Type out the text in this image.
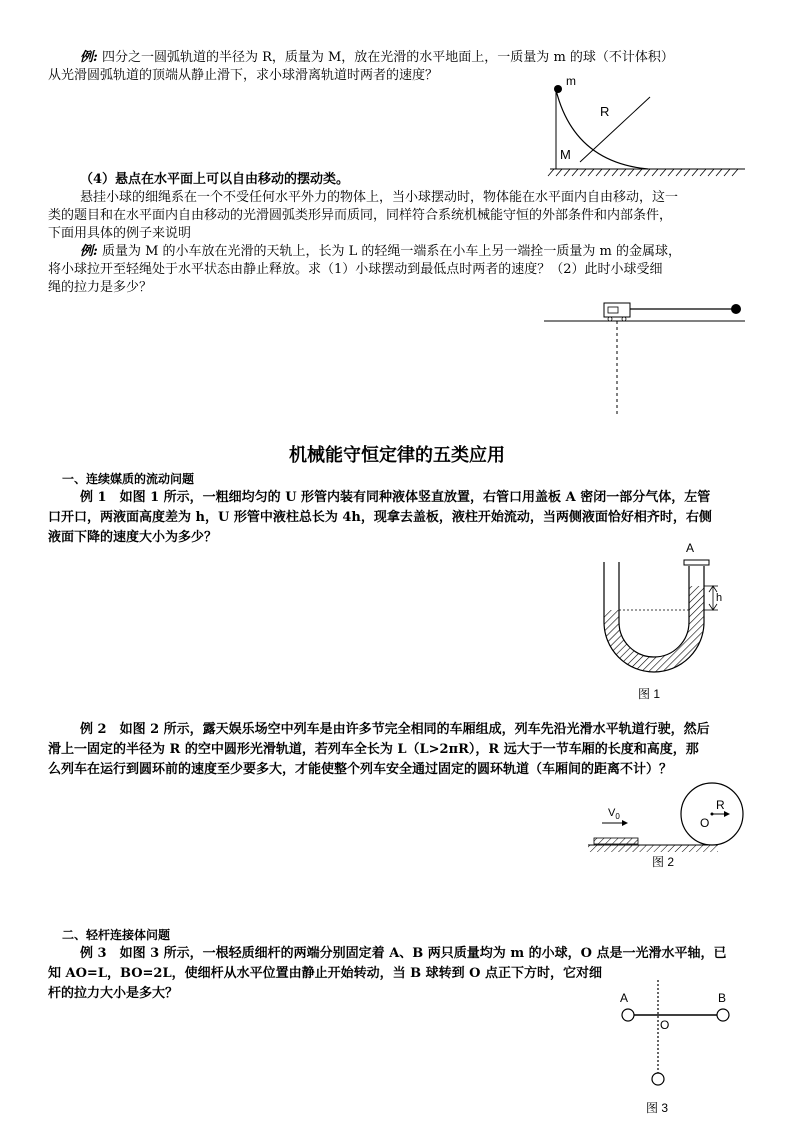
例: 四分之一圆弧轨道的半径为 R，质量为 M，放在光滑的水平地面上，一质量为 m 的球（不计体积）
从光滑圆弧轨道的顶端从静止滑下，求小球滑离轨道时两者的速度？	m
R
M
（4）悬点在水平面上可以自由移动的摆动类。
悬挂小球的细绳系在一个不受任何水平外力的物体上，当小球摆动时，物体能在水平面内自由移动，这一
类的题目和在水平面内自由移动的光滑圆弧类形异而质同，同样符合系统机械能守恒的外部条件和内部条件，
下面用具体的例子来说明
例: 质量为 M 的小车放在光滑的天轨上，长为 L 的轻绳一端系在小车上另一端拴一质量为 m 的金属球，
将小球拉开至轻绳处于水平状态由静止释放。求（1）小球摆动到最低点时两者的速度？（2）此时小球受细
绳的拉力是多少？
机械能守恒定律的五类应用
一、连续媒质的流动问题
例 1　如图 1 所示，一粗细均匀的 U 形管内装有同种液体竖直放置，右管口用盖板 A 密闭一部分气体，左管
口开口，两液面高度差为 h，U 形管中液柱总长为 4h，现拿去盖板，液柱开始流动，当两侧液面恰好相齐时，右侧
液面下降的速度大小为多少？
A
h
图 1
例 2　如图 2 所示，露天娱乐场空中列车是由许多节完全相同的车厢组成，列车先沿光滑水平轨道行驶，然后
滑上一固定的半径为 R 的空中圆形光滑轨道，若列车全长为 L（L>2πR），R 远大于一节车厢的长度和高度，那
么列车在运行到圆环前的速度至少要多大，才能使整个列车安全通过固定的圆环轨道（车厢间的距离不计）？
O
R
$V_0$
图 2
二、轻杆连接体问题
例 3　如图 3 所示，一根轻质细杆的两端分别固定着 A、B 两只质量均为 m 的小球，O 点是一光滑水平轴，已
知 AO=L，BO=2L，使细杆从水平位置由静止开始转动，当 B 球转到 O 点正下方时，它对细
杆的拉力大小是多大？	A	B
O
图 3
